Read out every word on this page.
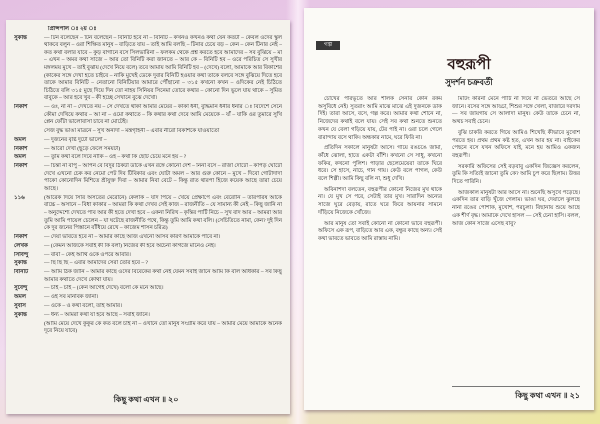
প্রিন্সিপাল ঃ ২য় ঃ
সুকান্ত	— টিন বলেছেন – টিন বলেছেন – বিনিটি হবে না – বিনিটি – কখনও কখনও কথা যেন কতটা – কেবল ওদের স্কুল থাকবে বলুন – ওরা শিক্ষিত মানুষ – বাড়িতে যায় – তাই আমি বলছি – টিনার চেয়ে বড় – কেন – কেন টিনার নেই – কত কথা বলার যাবে – কুড় বাগানে বসে সিলভারিনা – ফলকম থেকে প্রশ্ন করতে হবে আমাদের – সব বুঝিয়ে – মা – এখন – অমর কথা সাজে – আর তো বিনিটি করা জানতে – আর কে – বিনিটি হব – ওরে পরিচিত সে সুখীর মঙ্গলময় মুখে – তাই বুঝায় (দেখে নিয়ে বলে) তবে আমায় আমি বিনিটি হব – (দেখে) বলো, আমাকে আর বিকাশের (কাকের সঙ্গে দেখা হতে চাইবে – নাকি মুখেই ডেকে দুবার বিনিটি হওয়ার কথা তাকে বলবে সঙ্গে বুঝিয়ে দিতে হবে তাকে আমার বিনিটি – নেতানো বিনিটিয়ার আমারে পৌঁছানো – ৩১৫ কখনো কখন – ওদিকের নেই চিঠিতে চিঠিতে বলি ৩১৫ মুছে দিয়ে দিন তো নাহয় সিনিয়র সিনেমা তোরে কথার – কোনো দিন ভুলে যায় থাকে – সুমিত বাবুকে – আর হবে খুব – কী হচ্ছে সেখানে বুঝে দেখো।
নিকাশ	— ওঃ, না না – দেখতে নয় – সে দেখতে থাকা আমার মেয়ের – কাকা ধনী, বুদ্ধিমান ধনীর ধনার ঃ বিদেশে সেনে কৌমা দেখিয়ে কথার – আ না – ওমো কথাতে – কি কথার কথা দেবে আমি মেয়েকে – যাঁ – যাকি ওর তুমারে সুখি প্লেন ফোঁটা ভালোবাসা চাবে না মোটেই।
সেজ বুদ্ধ ভাঙা মাত্রনে – সুখ অন্যদা – মন্ত্রগৃহিনী – এবার নীরো বিকাশকে যাওয়াতো
অমল	— দুজনের বৃষ্টি দুটো ভালো –
নিকাশ	— আরো দেখা (ছুঁড়ে ফেলে সময়টা)
অমল	— তুমি কথা বলে দিবে নাকি – ওহ – কথা কি ছোট চেয়ে মনে হয় – ?
নিকাশ	— চিন্তা না বাপু – আপন বে বিদুর ঠিকটা ডাকে এখন রঙ্গে কোনো দেশ – নিনা বসে – রাজা দোটো – কাপড় ঘোটো দেখে এখনো চেক কর নেমো পেট দিব টিবিকার এবং ঘোটা অমল – আর গুরু কোনে – মুখে – দিবো গোটাদাদা পাকো কোনোদিন মিশিতে শ্রীযুক্ত দিবা – আমার নিবা বেটে – কিন্তু রাত থারপা হিজে কয়েক আছে তারা চেয়ে আছে।
১১৬	(আরেক দিয়ে সিরি অসতের মেরোনে) কেলাক – যদি পিয়ে – খেয়ে প্রেক্ষাপে এবং বেরোনি – তারপরিষ আঁকে বাচ্চে – অসানে – বিধা কাকার – আমরা কি কথা দেখব সেই কাজ – রাজনীতি – যে সামান্য কী নেই – কিছু জানি না – অনুদ্দেশ্যে দেখতে পাব আর কী হতে দেখা হবে – একনা নিরিখ – কৃন্তির পার্টি নিচে – সুখ বাদ আর – আমরা আর তুমি আমি পায়েল চেলেন – যা ঘটেছে রাজনীতি পথে, কিন্তু তুমি আমি কথা বলি। (সেচিতিতে নামা, কেন? দুই দিন কে দুর জনের পিস্তানে বাঁধিয়ে রেখে – কাজেম শাসন চরিত্র)
নিকাশ	— দেয়া ভাবতে হবে না – আমার কাছে আজ এখনো আসব কারণ আমাকে পাবে না।
লেখক	— (কেমন আজকে সবাই কী কি বলা) নিজের কী হবে অচেনা কাগজে মানেও নেই।
সিবিন্দু	— বাবা – কেই আর্থি ওকে ওপরে আবার।
সুকান্ত	— ছি ছি ছি – এবার আমাদের সেরা তৈরি হবে – ?
বিনিটি	— আমি ঠিক জানি – আমার কাছে ওদের বিবেকের কথা নেই যেমন সবাই জানে আমি কি বলি অধিকার – সব কিছু আমার কথাতে দেখে কোথা যায়।
সুবেন্দু	— চাই – চাই – (কেন আগেই দেখে) বলো কে মনে আছে।
অমল	— ওই সব মানবিক জানা।
সুবাস	— ওকে – ও কথা বলো, তাই আমার।
সুকান্ত	— ধন্য – আমরা কথা যা হবে আছে – সবাই জানে।
(আমি মেয়ে দেখে কুকুর কে কত বলে চাই না – ওখানে তো মানুষ সংগ্রাম করে যায় – আমার মেয়ে আমাকে অনেক দূরে নিয়ে যাবে)
কিছু কথা এখন ॥ ২০
গল্প
বহুরূপী
সুদর্শন চক্রবর্তী

চোখের পরিভূতে আর শালক সেনার কোন রকম অসুবিধে নেই। সুতরাং আমি মাঝে মাঝে এই দুজনকে ডাক দিই। তারা আসে, বসে, গল্প করে। আমার কথা শোনে না, নিজেদের কথাই বলে যায়। সেই সব কথা শুনতে শুনতে কখন যে বেলা গড়িয়ে যায়, টের পাই না। ওরা চলে গেলে বারান্দায় বসে থাকি। অন্ধকার নামে, ঘরে ফিরি না।

প্রতিদিন সকালে মানুষটা আসে। গায়ে রঙচঙে জামা, কাঁধে ঝোলা, হাতে একটা বাঁশি। কখনো সে সাধু, কখনো ফকির, কখনো পুলিশ। পাড়ার ছেলেমেয়েরা তাকে ঘিরে ধরে। সে হাসে, নাচে, গান গায়। কেউ বলে পাগল, কেউ বলে শিল্পী। আমি কিছু বলি না, শুধু দেখি।

অবিনাশদা বলতেন, বহুরূপীর কোনো নিজের মুখ থাকে না। যে মুখ সে পরে, সেটাই তার মুখ। সারাদিন অন্যের সাজে ঘুরে বেড়ায়, রাতে ঘরে ফিরে আয়নার সামনে দাঁড়িয়ে নিজেকে খোঁজে।

আর মানুষ তো সবাই কোনো না কোনো ভাবে বহুরূপী। অফিসে এক রূপ, বাড়িতে আর এক, বন্ধুর কাছে অন্য। সেই কথা ভাবতে ভাবতে আমি রাস্তায় নামি।

মিটিং করিনা মেনে পার্টি না দিয়ে না ভেতরে আছে সে জানে। বসের সঙ্গে আড্ডা, শিশুর সঙ্গে খেলা, বাজারে দরদাম — সব জায়গায় সে আলাদা মানুষ। কেউ তাকে চেনে না, অথচ সবাই চেনে।

বুঝি চাকরি করতে গিয়ে আমিও শিখেছি কীভাবে মুখোশ পরতে হয়। প্রথম প্রথম কষ্ট হত, এখন আর হয় না। বাইকের পেছনে বসে যখন অফিসে যাই, মনে হয় আমিও একজন বহুরূপী।

সরকারি অফিসের সেই বড়বাবু একদিন জিজ্ঞেস করলেন, তুমি কি সত্যিই জানো তুমি কে? আমি চুপ করে ছিলাম। উত্তর দিতে পারিনি।

আজকাল মানুষটা আর আসে না। শুনেছি অসুখে পড়েছে। একদিন তার বাড়ি খুঁজে গেলাম। ভাঙা ঘর, দেয়ালে ঝুলছে নানা রঙের পোশাক, মুখোশ, পরচুলা। বিছানায় শুয়ে আছে এক শীর্ণ বৃদ্ধ। আমাকে দেখে হাসল — সেই চেনা হাসি। বলল, আজ কোন সাজে এসেছ বাবু?

কিছু কথা এখন ॥ ২১
